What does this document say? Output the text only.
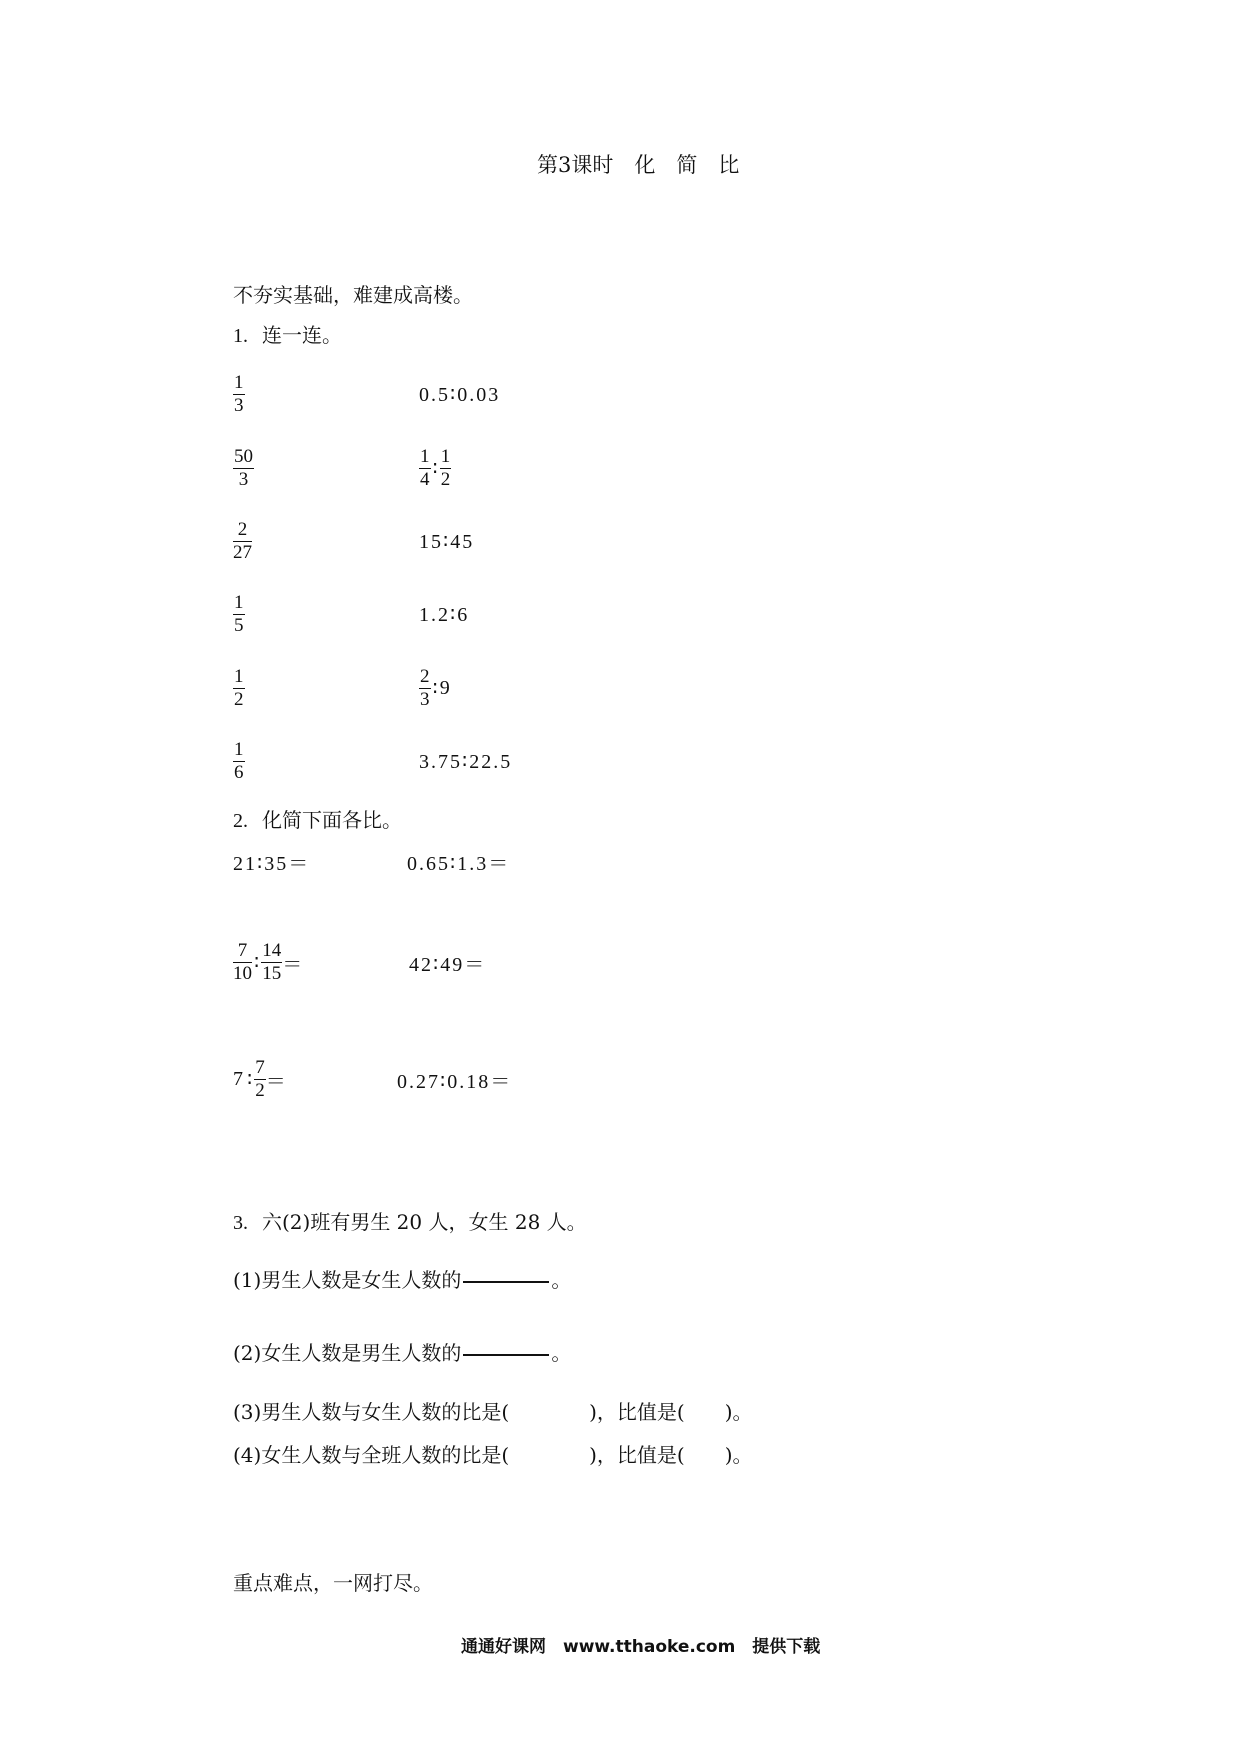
第3课时　化　简　比
不夯实基础，难建成高楼。
1. 连一连。
$\frac{1}{3}$	0.5∶0.03
$\frac{50}{3}$	$\frac{1}{4}$ ∶ $\frac{1}{2}$
$\frac{2}{27}$	15∶45
$\frac{1}{5}$	1.2∶6
$\frac{1}{2}$	$\frac{2}{3}$ ∶ 9
$\frac{1}{6}$	3.75∶22.5
2. 化简下面各比。
21∶35＝	0.65∶1.3＝
$\frac{7}{10}$ ∶ $\frac{14}{15}$ ＝	42∶49＝
7 ∶ $\frac{7}{2}$ ＝	0.27∶0.18＝
3. 六(2)班有男生 20 人，女生 28 人。
(1)男生人数是女生人数的	。
(2)女生人数是男生人数的	。
(3)男生人数与女生人数的比是(　　　　)，比值是(　　)。
(4)女生人数与全班人数的比是(　　　　)，比值是(　　)。
重点难点，一网打尽。
通通好课网　www.tthaoke.com　提供下载
